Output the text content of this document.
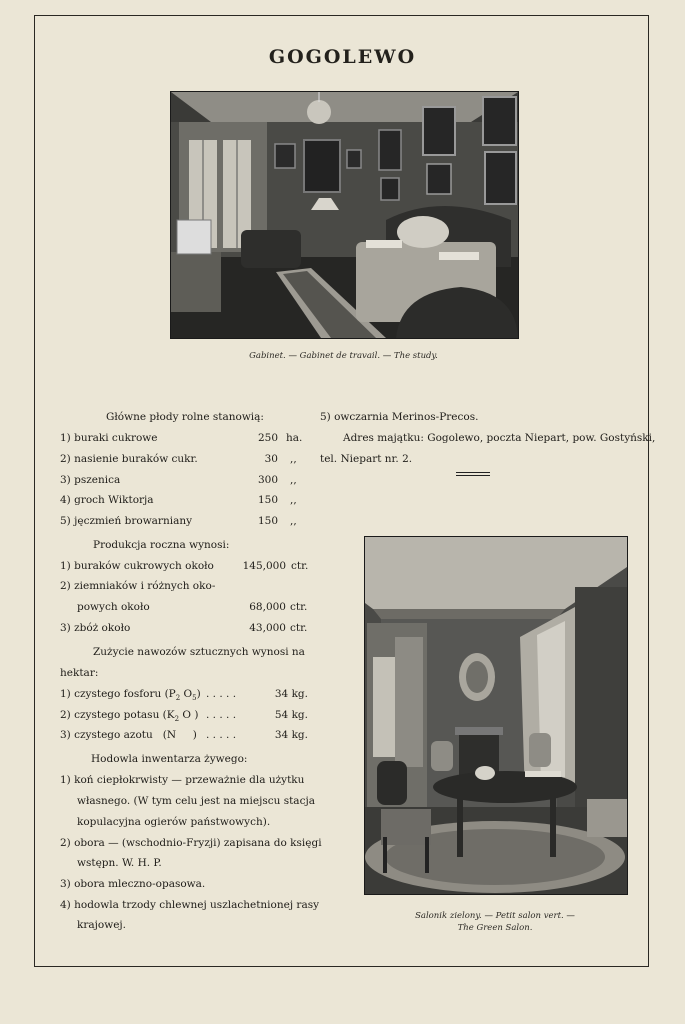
GOGOLEWO
Gabinet. — Gabinet de travail. — The study.
Salonik zielony. — Petit salon vert. —
The Green Salon.
Główne płody rolne stanowią:
1) buraki cukrowe	250 ha.
2) nasienie buraków cukr.	30 ,,
3) pszenica	300 ,,
4) groch Wiktorja	150 ,,
5) jęczmień browarniany	150 ,,
Produkcja roczna wynosi:
1) buraków cukrowych około	145,000 ctr.
2) ziemniaków i różnych oko-
powych około	68,000 ctr.
3) zbóż około	43,000 ctr.
Zużycie nawozów sztucznych wynosi na
hektar:
1) czystego fosforu ($P_2$ $O_5$) . . . . .	34 kg.
2) czystego potasu ($K_2$ O ) . . . . .	54 kg.
3) czystego azotu   (N     ) . . . . .	34 kg.
Hodowla inwentarza żywego:
1) koń ciepłokrwisty — przeważnie dla użytku
własnego. (W tym celu jest na miejscu stacja
kopulacyjna ogierów państwowych).
2) obora — (wschodnio-Fryzji) zapisana do księgi
wstępn. W. H. P.
3) obora mleczno-opasowa.
4) hodowla trzody chlewnej uszlachetnionej rasy
krajowej.
5) owczarnia Merinos-Precos.
Adres majątku: Gogolewo, poczta Niepart, pow. Gostyński,
tel. Niepart nr. 2.
